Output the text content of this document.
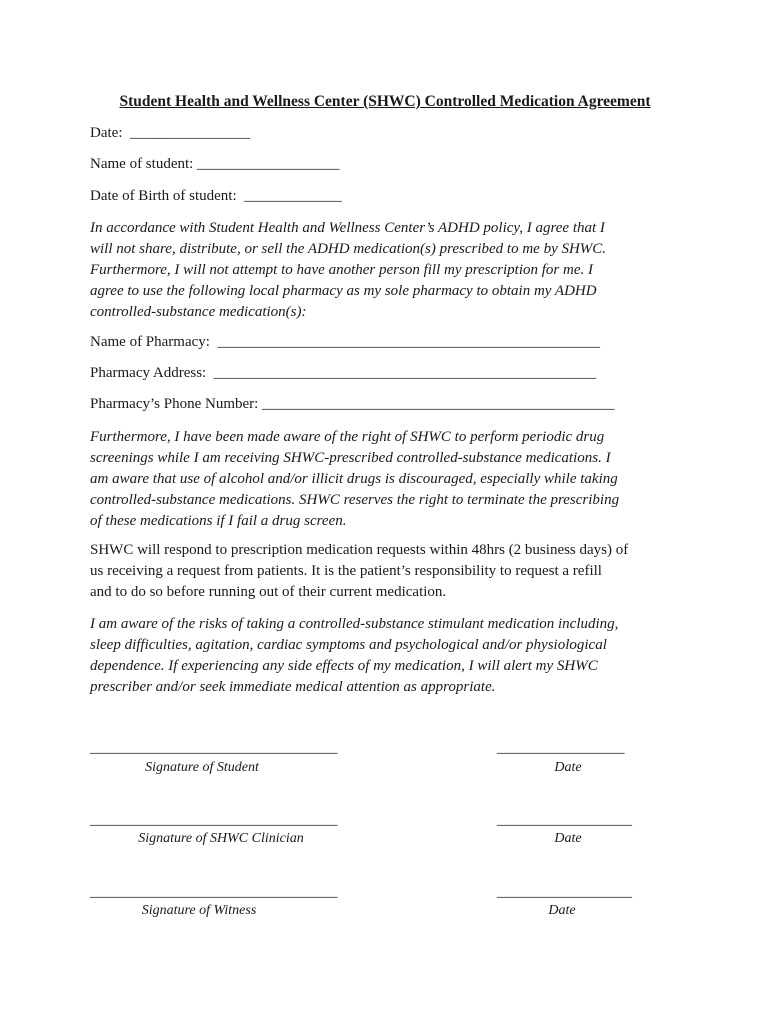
Student Health and Wellness Center (SHWC) Controlled Medication Agreement
Date:  ________________
Name of student: ___________________
Date of Birth of student:  _____________
In accordance with Student Health and Wellness Center’s ADHD policy, I agree that I
will not share, distribute, or sell the ADHD medication(s) prescribed to me by SHWC.
Furthermore, I will not attempt to have another person fill my prescription for me. I
agree to use the following local pharmacy as my sole pharmacy to obtain my ADHD
controlled-substance medication(s):
Name of Pharmacy:  ___________________________________________________
Pharmacy Address:  ___________________________________________________
Pharmacy’s Phone Number: _______________________________________________
Furthermore, I have been made aware of the right of SHWC to perform periodic drug
screenings while I am receiving SHWC-prescribed controlled-substance medications. I
am aware that use of alcohol and/or illicit drugs is discouraged, especially while taking
controlled-substance medications. SHWC reserves the right to terminate the prescribing
of these medications if I fail a drug screen.
SHWC will respond to prescription medication requests within 48hrs (2 business days) of
us receiving a request from patients. It is the patient’s responsibility to request a refill
and to do so before running out of their current medication.
I am aware of the risks of taking a controlled-substance stimulant medication including,
sleep difficulties, agitation, cardiac symptoms and psychological and/or physiological
dependence. If experiencing any side effects of my medication, I will alert my SHWC
prescriber and/or seek immediate medical attention as appropriate.
_________________________________
Signature of Student
_________________
Date
_________________________________
Signature of SHWC Clinician
__________________
Date
_________________________________
Signature of Witness
__________________
Date
